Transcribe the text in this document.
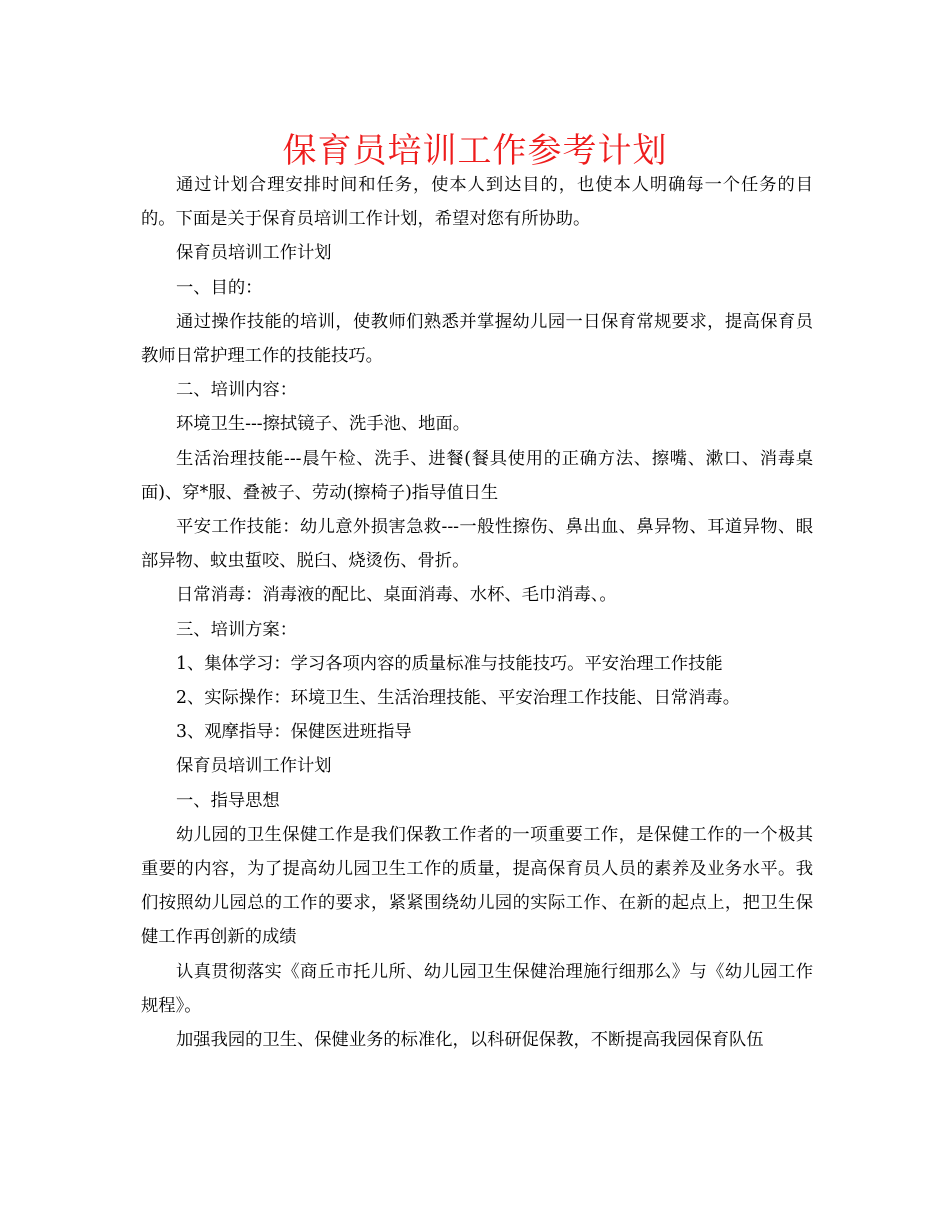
保育员培训工作参考计划

通过计划合理安排时间和任务，使本人到达目的，也使本人明确每一个任务的目的。下面是关于保育员培训工作计划，希望对您有所协助。

保育员培训工作计划

一、目的：

通过操作技能的培训，使教师们熟悉并掌握幼儿园一日保育常规要求，提高保育员教师日常护理工作的技能技巧。

二、培训内容：

环境卫生---擦拭镜子、洗手池、地面。

生活治理技能---晨午检、洗手、进餐(餐具使用的正确方法、擦嘴、漱口、消毒桌面)、穿*服、叠被子、劳动(擦椅子)指导值日生

平安工作技能：幼儿意外损害急救---一般性擦伤、鼻出血、鼻异物、耳道异物、眼部异物、蚊虫蜇咬、脱臼、烧烫伤、骨折。

日常消毒：消毒液的配比、桌面消毒、水杯、毛巾消毒、。

三、培训方案：

1、集体学习：学习各项内容的质量标准与技能技巧。平安治理工作技能

2、实际操作：环境卫生、生活治理技能、平安治理工作技能、日常消毒。

3、观摩指导：保健医进班指导

保育员培训工作计划

一、指导思想

幼儿园的卫生保健工作是我们保教工作者的一项重要工作，是保健工作的一个极其重要的内容，为了提高幼儿园卫生工作的质量，提高保育员人员的素养及业务水平。我们按照幼儿园总的工作的要求，紧紧围绕幼儿园的实际工作、在新的起点上，把卫生保健工作再创新的成绩

认真贯彻落实《商丘市托儿所、幼儿园卫生保健治理施行细那么》与《幼儿园工作规程》。

加强我园的卫生、保健业务的标准化，以科研促保教，不断提高我园保育队伍
